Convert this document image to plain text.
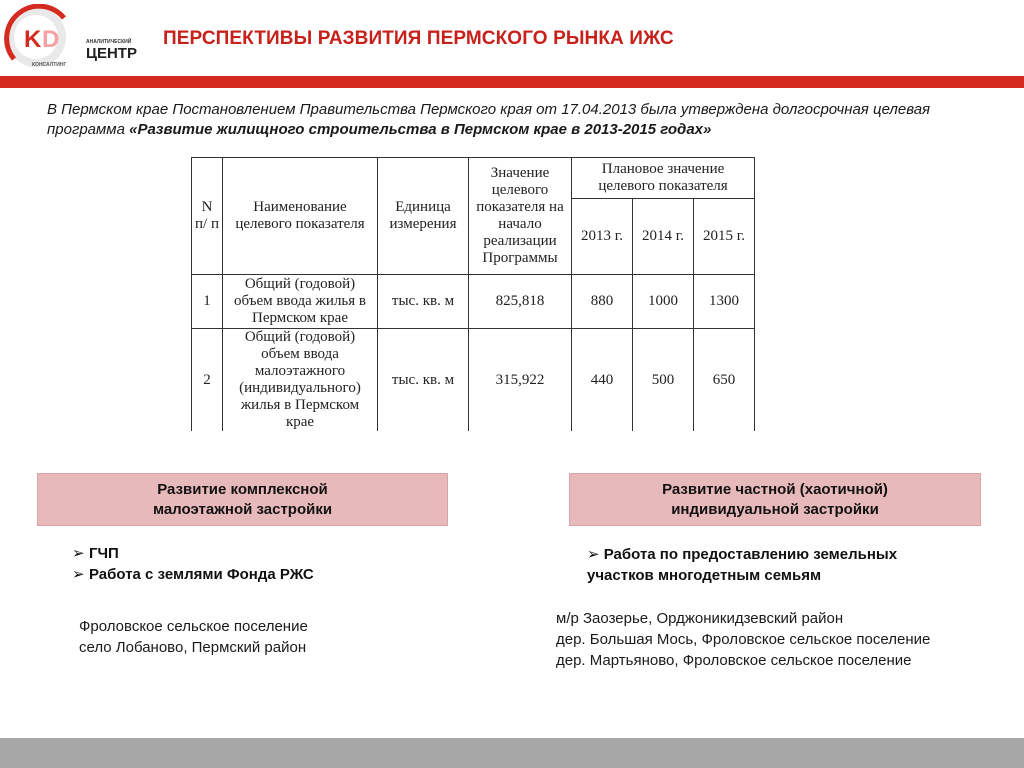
K D	АНАЛИТИЧЕСКИЙ
ЦЕНТР
КОНСАЛТИНГ
ПЕРСПЕКТИВЫ РАЗВИТИЯ ПЕРМСКОГО РЫНКА ИЖС
В Пермском крае Постановлением Правительства Пермского края от 17.04.2013 была утверждена долгосрочная целевая программа «Развитие жилищного строительства в Пермском крае в 2013-2015 годах»
N п/ п	Наименование целевого показателя	Единица измерения	Значение целевого показателя на начало реализации Программы	Плановое значение целевого показателя		
				2013 г.	2014 г.	2015 г.
1	Общий (годовой) объем ввода жилья в Пермском крае	тыс. кв. м	825,818	880	1000	1300
2	Общий (годовой) объем ввода малоэтажного (индивидуального) жилья в Пермском крае	тыс. кв. м	315,922	440	500	650
Развитие комплексной малоэтажной застройки
Развитие частной (хаотичной) индивидуальной застройки
➢ ГЧП
➢ Работа с землями Фонда РЖС
➢ Работа по предоставлению земельных участков многодетным семьям
Фроловское сельское поселение
село Лобаново, Пермский район
м/р Заозерье, Орджоникидзевский район
дер. Большая Мось, Фроловское сельское поселение
дер. Мартьяново, Фроловское сельское поселение
